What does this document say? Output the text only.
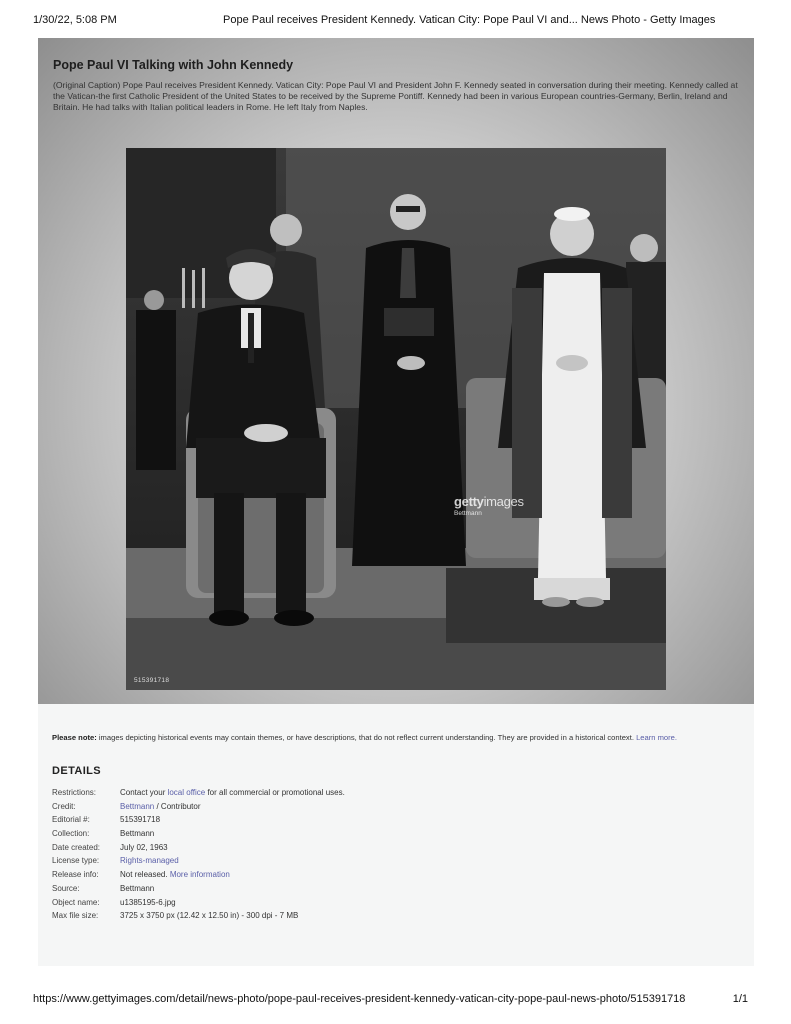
1/30/22, 5:08 PM	Pope Paul receives President Kennedy. Vatican City: Pope Paul VI and... News Photo - Getty Images
Pope Paul VI Talking with John Kennedy

(Original Caption) Pope Paul receives President Kennedy. Vatican City: Pope Paul VI and President John F. Kennedy seated in conversation during their meeting. Kennedy called at the Vatican-the first Catholic President of the United States to be received by the Supreme Pontiff. Kennedy had been in various European countries-Germany, Berlin, Ireland and Britain. He had talks with Italian political leaders in Rome. He left Italy from Naples.

gettyimages
Bettmann
515391718

Please note: images depicting historical events may contain themes, or have descriptions, that do not reflect current understanding. They are provided in a historical context. Learn more.

DETAILS
Restrictions:	Contact your local office for all commercial or promotional uses.
Credit:	Bettmann / Contributor
Editorial #:	515391718
Collection:	Bettmann
Date created:	July 02, 1963
License type:	Rights-managed
Release info:	Not released. More information
Source:	Bettmann
Object name:	u1385195-6.jpg
Max file size:	3725 x 3750 px (12.42 x 12.50 in) - 300 dpi - 7 MB
https://www.gettyimages.com/detail/news-photo/pope-paul-receives-president-kennedy-vatican-city-pope-paul-news-photo/515391718	1/1
